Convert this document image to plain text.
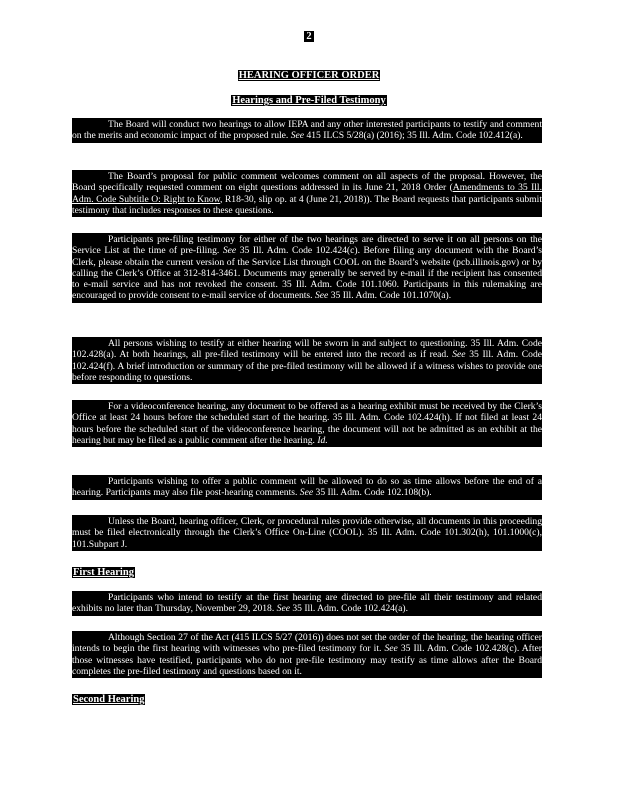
2
HEARING OFFICER ORDER
Hearings and Pre-Filed Testimony
The Board will conduct two hearings to allow IEPA and any other interested participants to testify and comment on the merits and economic impact of the proposed rule. See 415 ILCS 5/28(a) (2016); 35 Ill. Adm. Code 102.412(a).
The Board’s proposal for public comment welcomes comment on all aspects of the proposal. However, the Board specifically requested comment on eight questions addressed in its June 21, 2018 Order (Amendments to 35 Ill. Adm. Code Subtitle O: Right to Know, R18-30, slip op. at 4 (June 21, 2018)). The Board requests that participants submit testimony that includes responses to these questions.
Participants pre-filing testimony for either of the two hearings are directed to serve it on all persons on the Service List at the time of pre-filing. See 35 Ill. Adm. Code 102.424(c). Before filing any document with the Board’s Clerk, please obtain the current version of the Service List through COOL on the Board’s website (pcb.illinois.gov) or by calling the Clerk’s Office at 312-814-3461. Documents may generally be served by e-mail if the recipient has consented to e-mail service and has not revoked the consent. 35 Ill. Adm. Code 101.1060. Participants in this rulemaking are encouraged to provide consent to e-mail service of documents. See 35 Ill. Adm. Code 101.1070(a).
All persons wishing to testify at either hearing will be sworn in and subject to questioning. 35 Ill. Adm. Code 102.428(a). At both hearings, all pre-filed testimony will be entered into the record as if read. See 35 Ill. Adm. Code 102.424(f). A brief introduction or summary of the pre-filed testimony will be allowed if a witness wishes to provide one before responding to questions.
For a videoconference hearing, any document to be offered as a hearing exhibit must be received by the Clerk’s Office at least 24 hours before the scheduled start of the hearing. 35 Ill. Adm. Code 102.424(h). If not filed at least 24 hours before the scheduled start of the videoconference hearing, the document will not be admitted as an exhibit at the hearing but may be filed as a public comment after the hearing. Id.
Participants wishing to offer a public comment will be allowed to do so as time allows before the end of a hearing. Participants may also file post-hearing comments. See 35 Ill. Adm. Code 102.108(b).
Unless the Board, hearing officer, Clerk, or procedural rules provide otherwise, all documents in this proceeding must be filed electronically through the Clerk’s Office On-Line (COOL). 35 Ill. Adm. Code 101.302(h), 101.1000(c), 101.Subpart J.
First Hearing
Participants who intend to testify at the first hearing are directed to pre-file all their testimony and related exhibits no later than Thursday, November 29, 2018. See 35 Ill. Adm. Code 102.424(a).
Although Section 27 of the Act (415 ILCS 5/27 (2016)) does not set the order of the hearing, the hearing officer intends to begin the first hearing with witnesses who pre-filed testimony for it. See 35 Ill. Adm. Code 102.428(c). After those witnesses have testified, participants who do not pre-file testimony may testify as time allows after the Board completes the pre-filed testimony and questions based on it.
Second Hearing
